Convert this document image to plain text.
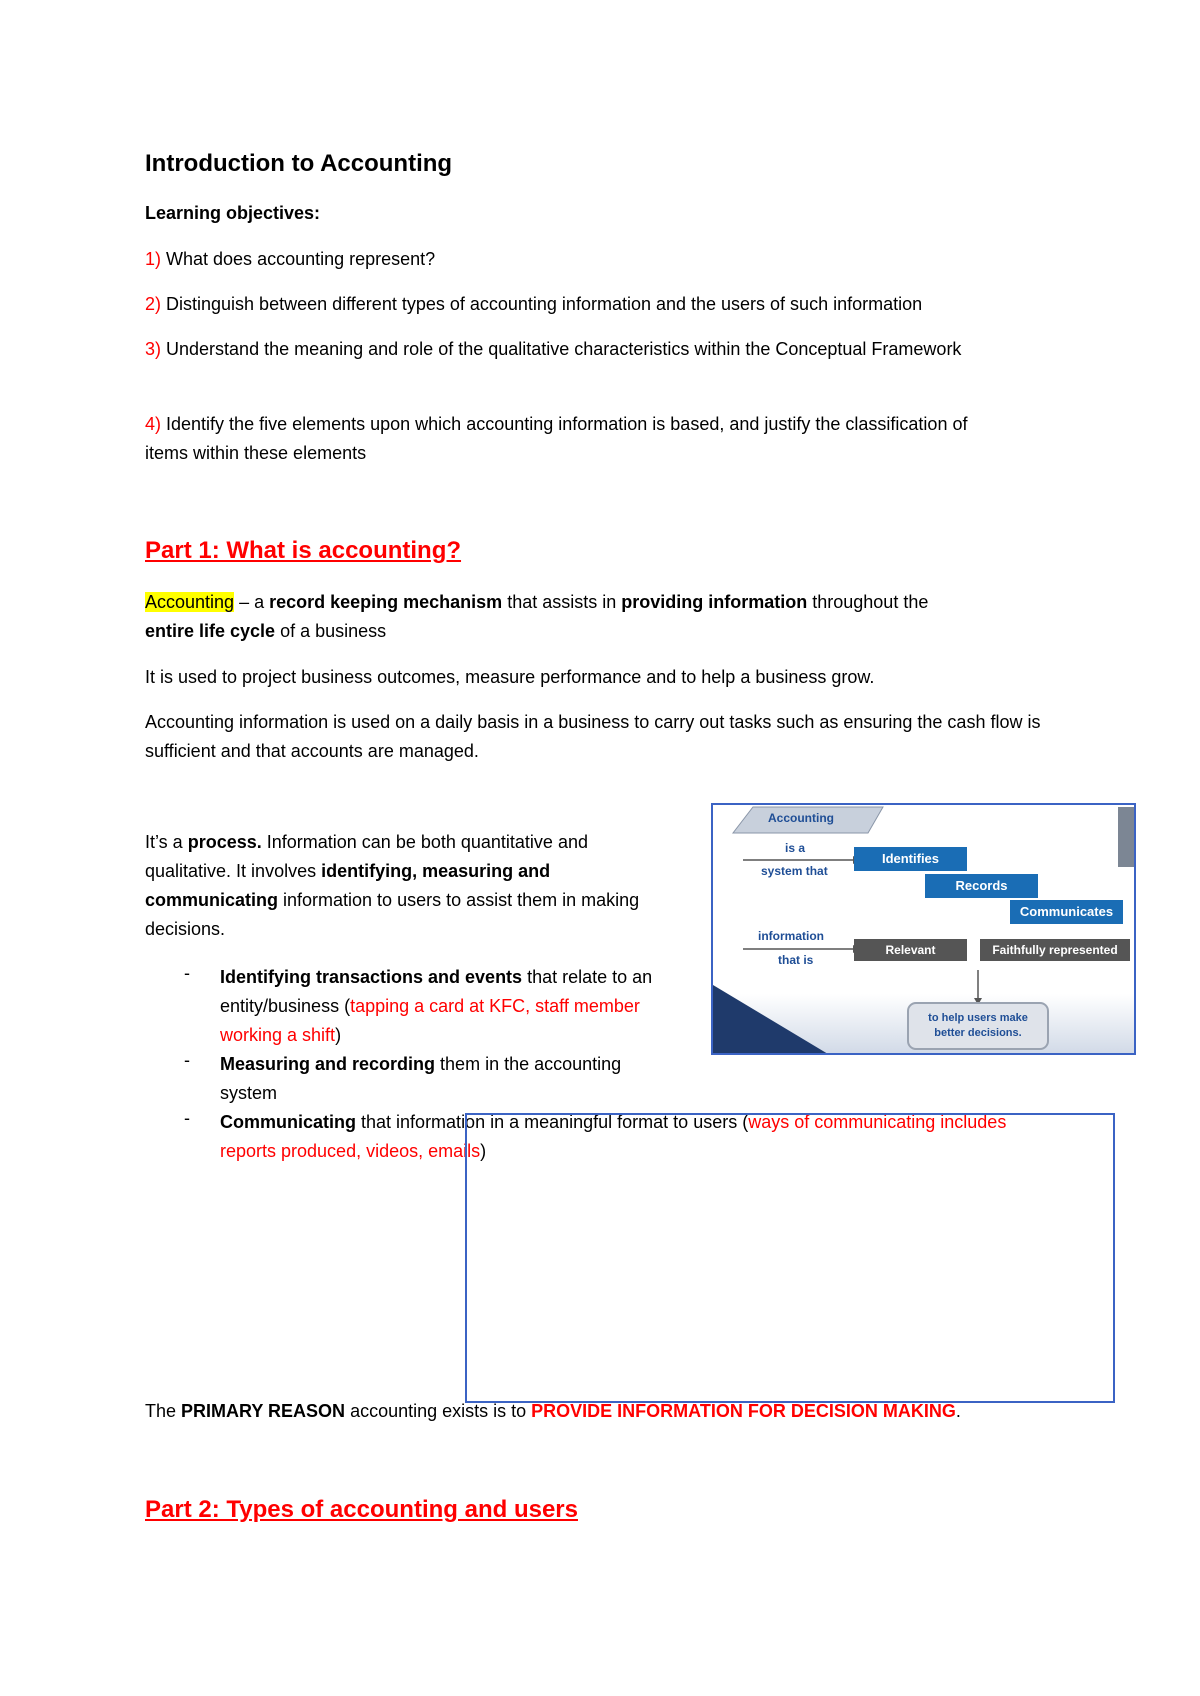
Introduction to Accounting
Learning objectives:
1) What does accounting represent?
2) Distinguish between different types of accounting information and the users of such information
3) Understand the meaning and role of the qualitative characteristics within the Conceptual Framework
4) Identify the five elements upon which accounting information is based, and justify the classification of items within these elements
Part 1: What is accounting?
Accounting – a record keeping mechanism that assists in providing information throughout the
entire life cycle of a business
It is used to project business outcomes, measure performance and to help a business grow.
Accounting information is used on a daily basis in a business to carry out tasks such as ensuring the cash flow is sufficient and that accounts are managed.
It’s a process. Information can be both quantitative and qualitative. It involves identifying, measuring and communicating information to users to assist them in making decisions.
- Identifying transactions and events that relate to an entity/business (tapping a card at KFC, staff member working a shift)
- Measuring and recording them in the accounting system
- Communicating that information in a meaningful format to users (ways of communicating includes reports produced, videos, emails)
Accounting
is a
system that
Identifies
Records
Communicates
information
that is
Relevant	Faithfully represented
to help users make better decisions.
The PRIMARY REASON accounting exists is to PROVIDE INFORMATION FOR DECISION MAKING.
Part 2: Types of accounting and users
